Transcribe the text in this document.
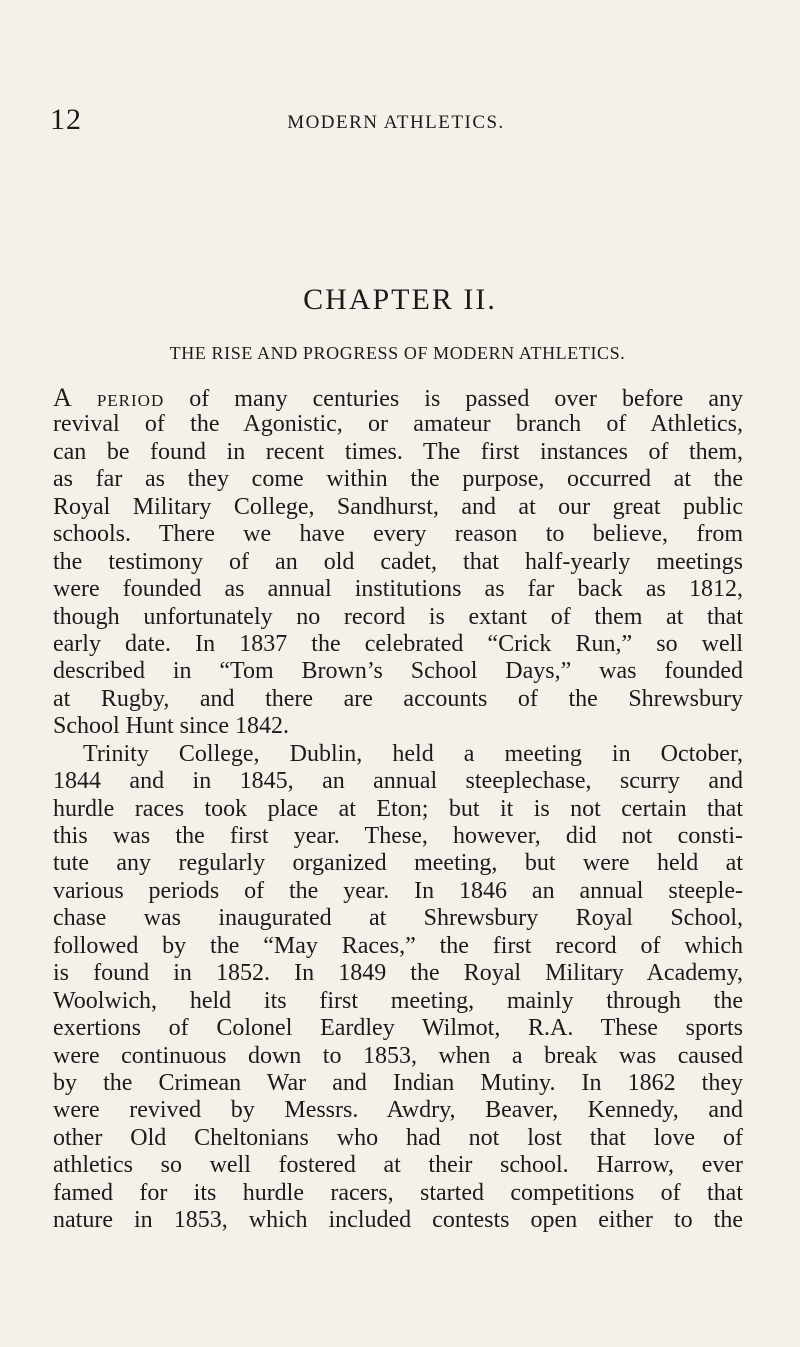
12	MODERN ATHLETICS.
CHAPTER II.
THE RISE AND PROGRESS OF MODERN ATHLETICS.
A PERIOD of many centuries is passed over before any
revival of the Agonistic, or amateur branch of Athletics,
can be found in recent times. The first instances of them,
as far as they come within the purpose, occurred at the
Royal Military College, Sandhurst, and at our great public
schools. There we have every reason to believe, from
the testimony of an old cadet, that half-yearly meetings
were founded as annual institutions as far back as 1812,
though unfortunately no record is extant of them at that
early date. In 1837 the celebrated “Crick Run,” so well
described in “Tom Brown’s School Days,” was founded
at Rugby, and there are accounts of the Shrewsbury
School Hunt since 1842.
Trinity College, Dublin, held a meeting in October,
1844 and in 1845, an annual steeplechase, scurry and
hurdle races took place at Eton; but it is not certain that
this was the first year. These, however, did not consti-
tute any regularly organized meeting, but were held at
various periods of the year. In 1846 an annual steeple-
chase was inaugurated at Shrewsbury Royal School,
followed by the “May Races,” the first record of which
is found in 1852. In 1849 the Royal Military Academy,
Woolwich, held its first meeting, mainly through the
exertions of Colonel Eardley Wilmot, R.A. These sports
were continuous down to 1853, when a break was caused
by the Crimean War and Indian Mutiny. In 1862 they
were revived by Messrs. Awdry, Beaver, Kennedy, and
other Old Cheltonians who had not lost that love of
athletics so well fostered at their school. Harrow, ever
famed for its hurdle racers, started competitions of that
nature in 1853, which included contests open either to the
